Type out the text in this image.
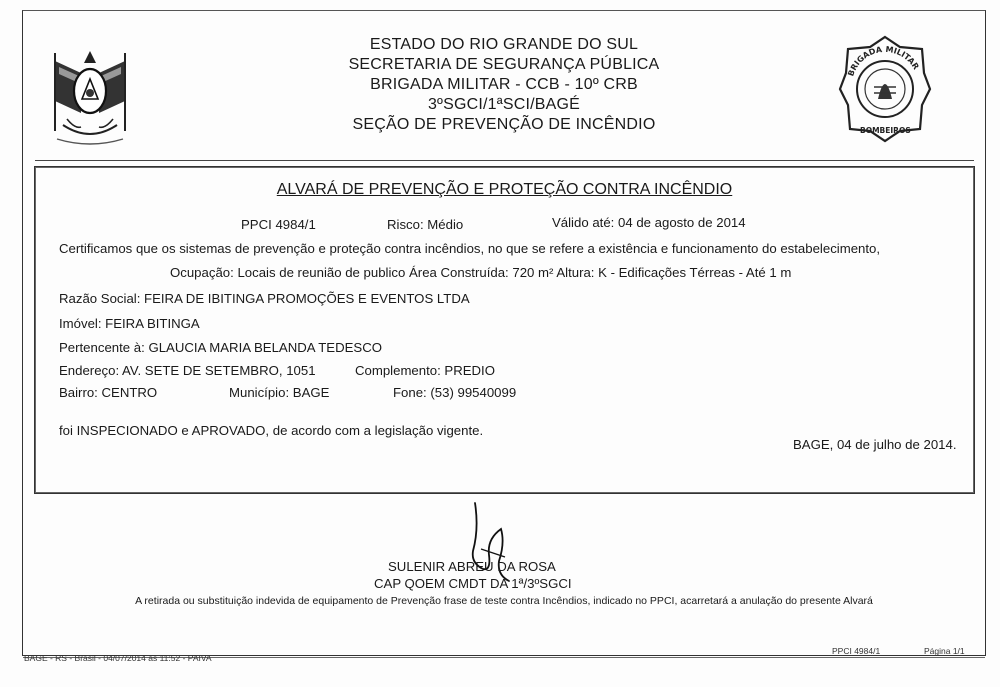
ESTADO DO RIO GRANDE DO SUL
SECRETARIA DE SEGURANÇA PÚBLICA
BRIGADA MILITAR - CCB - 10º CRB
3ºSGCI/1ªSCI/BAGÉ
SEÇÃO DE PREVENÇÃO DE INCÊNDIO
BRIGADA MILITAR
BOMBEIROS
ALVARÁ DE PREVENÇÃO E PROTEÇÃO CONTRA INCÊNDIO
PPCI 4984/1	Risco: Médio	Válido até: 04 de agosto de 2014
Certificamos que os sistemas de prevenção e proteção contra incêndios, no que se refere a existência e funcionamento do estabelecimento,
Ocupação: Locais de reunião de publico Área Construída: 720 m² Altura: K - Edificações Térreas - Até 1 m
Razão Social: FEIRA DE IBITINGA PROMOÇÕES E EVENTOS LTDA
Imóvel: FEIRA BITINGA
Pertencente à: GLAUCIA MARIA BELANDA TEDESCO
Endereço: AV. SETE DE SETEMBRO, 1051	Complemento: PREDIO
Bairro: CENTRO	Município: BAGE	Fone: (53) 99540099
foi INSPECIONADO e APROVADO, de acordo com a legislação vigente.
BAGE, 04 de julho de 2014.
SULENIR ABREU DA ROSA
CAP QOEM CMDT DA 1ª/3ºSGCI
A retirada ou substituição indevida de equipamento de Prevenção frase de teste contra Incêndios, indicado no PPCI, acarretará a anulação do presente Alvará
BAGE - RS - Brasil - 04/07/2014 às 11:52 - PAIVA
PPCI 4984/1	Página 1/1
